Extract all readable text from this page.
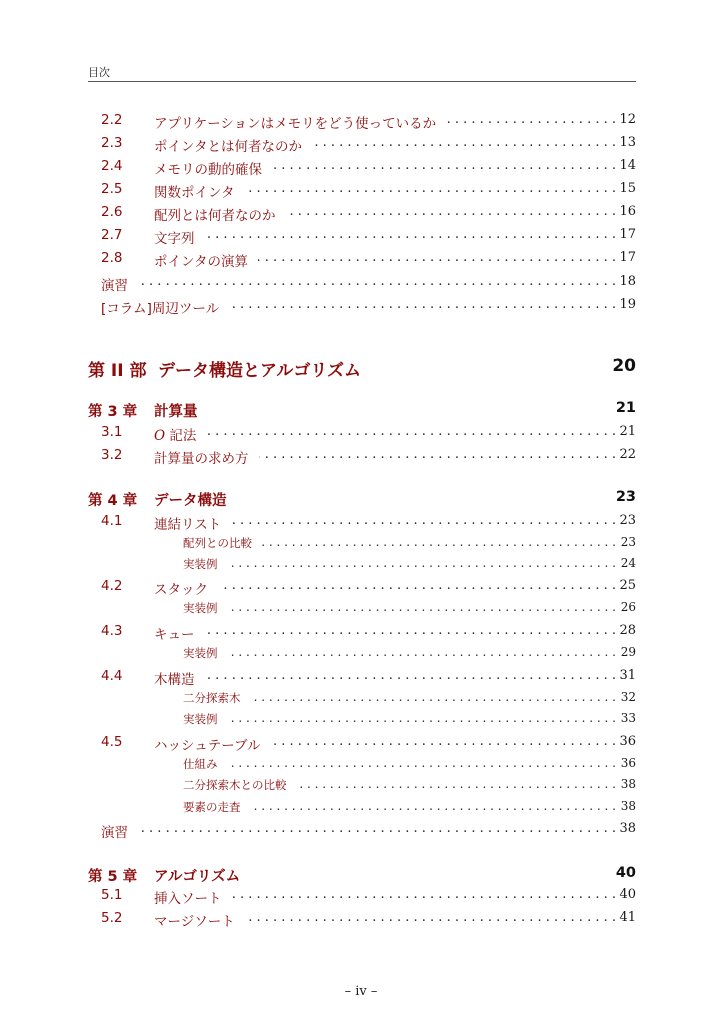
目次
2.2 アプリケーションはメモリをどう使っているか	12
. . .
2.3 ポインタとは何者なのか	13
. . .
2.4 メモリの動的確保	14
. . .
2.5 関数ポインタ	15
. . .
2.6 配列とは何者なのか	16
. . .
2.7 文字列	17
. . .
2.8 ポインタの演算	17
. . .
演習	18
. . .
[コラム]周辺ツール	19
. . .
第 II 部 データ構造とアルゴリズム	20
第 3 章 計算量	21
3.1 O 記法	21
. . .
3.2 計算量の求め方	22
. . .
第 4 章 データ構造	23
4.1 連結リスト	23
. . .
配列との比較	23
. . .
実装例	24
. . .
4.2 スタック	25
. . .
実装例	26
. . .
4.3 キュー	28
. . .
実装例	29
. . .
4.4 木構造	31
. . .
二分探索木	32
. . .
実装例	33
. . .
4.5 ハッシュテーブル	36
. . .
仕組み	36
. . .
二分探索木との比較	38
. . .
要素の走査	38
. . .
演習	38
. . .
第 5 章 アルゴリズム	40
5.1 挿入ソート	40
. . .
5.2 マージソート	41
. . .
– iv –
